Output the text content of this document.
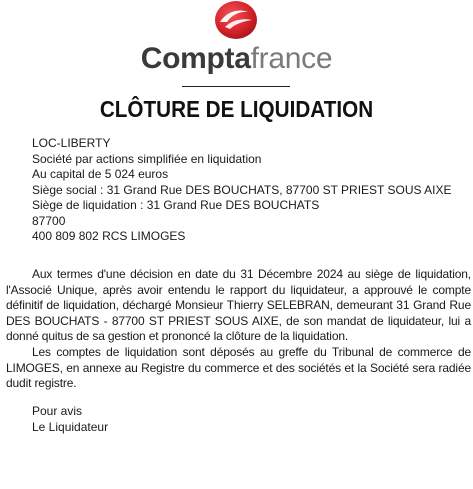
Comptafrance
CLÔTURE DE LIQUIDATION
LOC-LIBERTY
Société par actions simplifiée en liquidation
Au capital de 5 024 euros
Siège social : 31 Grand Rue DES BOUCHATS, 87700 ST PRIEST SOUS AIXE
Siège de liquidation : 31 Grand Rue DES BOUCHATS
87700
400 809 802 RCS LIMOGES

Aux termes d'une décision en date du 31 Décembre 2024 au siège de liquidation, l'Associé Unique, après avoir entendu le rapport du liquidateur, a approuvé le compte définitif de liquidation, déchargé Monsieur Thierry SELEBRAN, demeurant 31 Grand Rue DES BOUCHATS - 87700 ST PRIEST SOUS AIXE, de son mandat de liquidateur, lui a donné quitus de sa gestion et prononcé la clôture de la liquidation.

Les comptes de liquidation sont déposés au greffe du Tribunal de commerce de LIMOGES, en annexe au Registre du commerce et des sociétés et la Société sera radiée dudit registre.

Pour avis
Le Liquidateur
